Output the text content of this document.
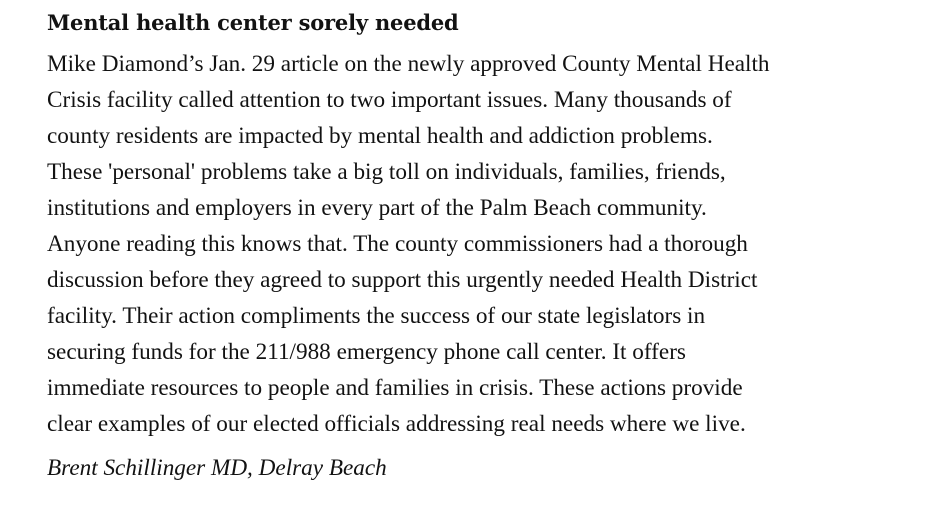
Mental health center sorely needed

Mike Diamond’s Jan. 29 article on the newly approved County Mental Health
Crisis facility called attention to two important issues. Many thousands of
county residents are impacted by mental health and addiction problems.
These 'personal' problems take a big toll on individuals, families, friends,
institutions and employers in every part of the Palm Beach community.
Anyone reading this knows that. The county commissioners had a thorough
discussion before they agreed to support this urgently needed Health District
facility. Their action compliments the success of our state legislators in
securing funds for the 211/988 emergency phone call center. It offers
immediate resources to people and families in crisis. These actions provide
clear examples of our elected officials addressing real needs where we live.

Brent Schillinger MD, Delray Beach
